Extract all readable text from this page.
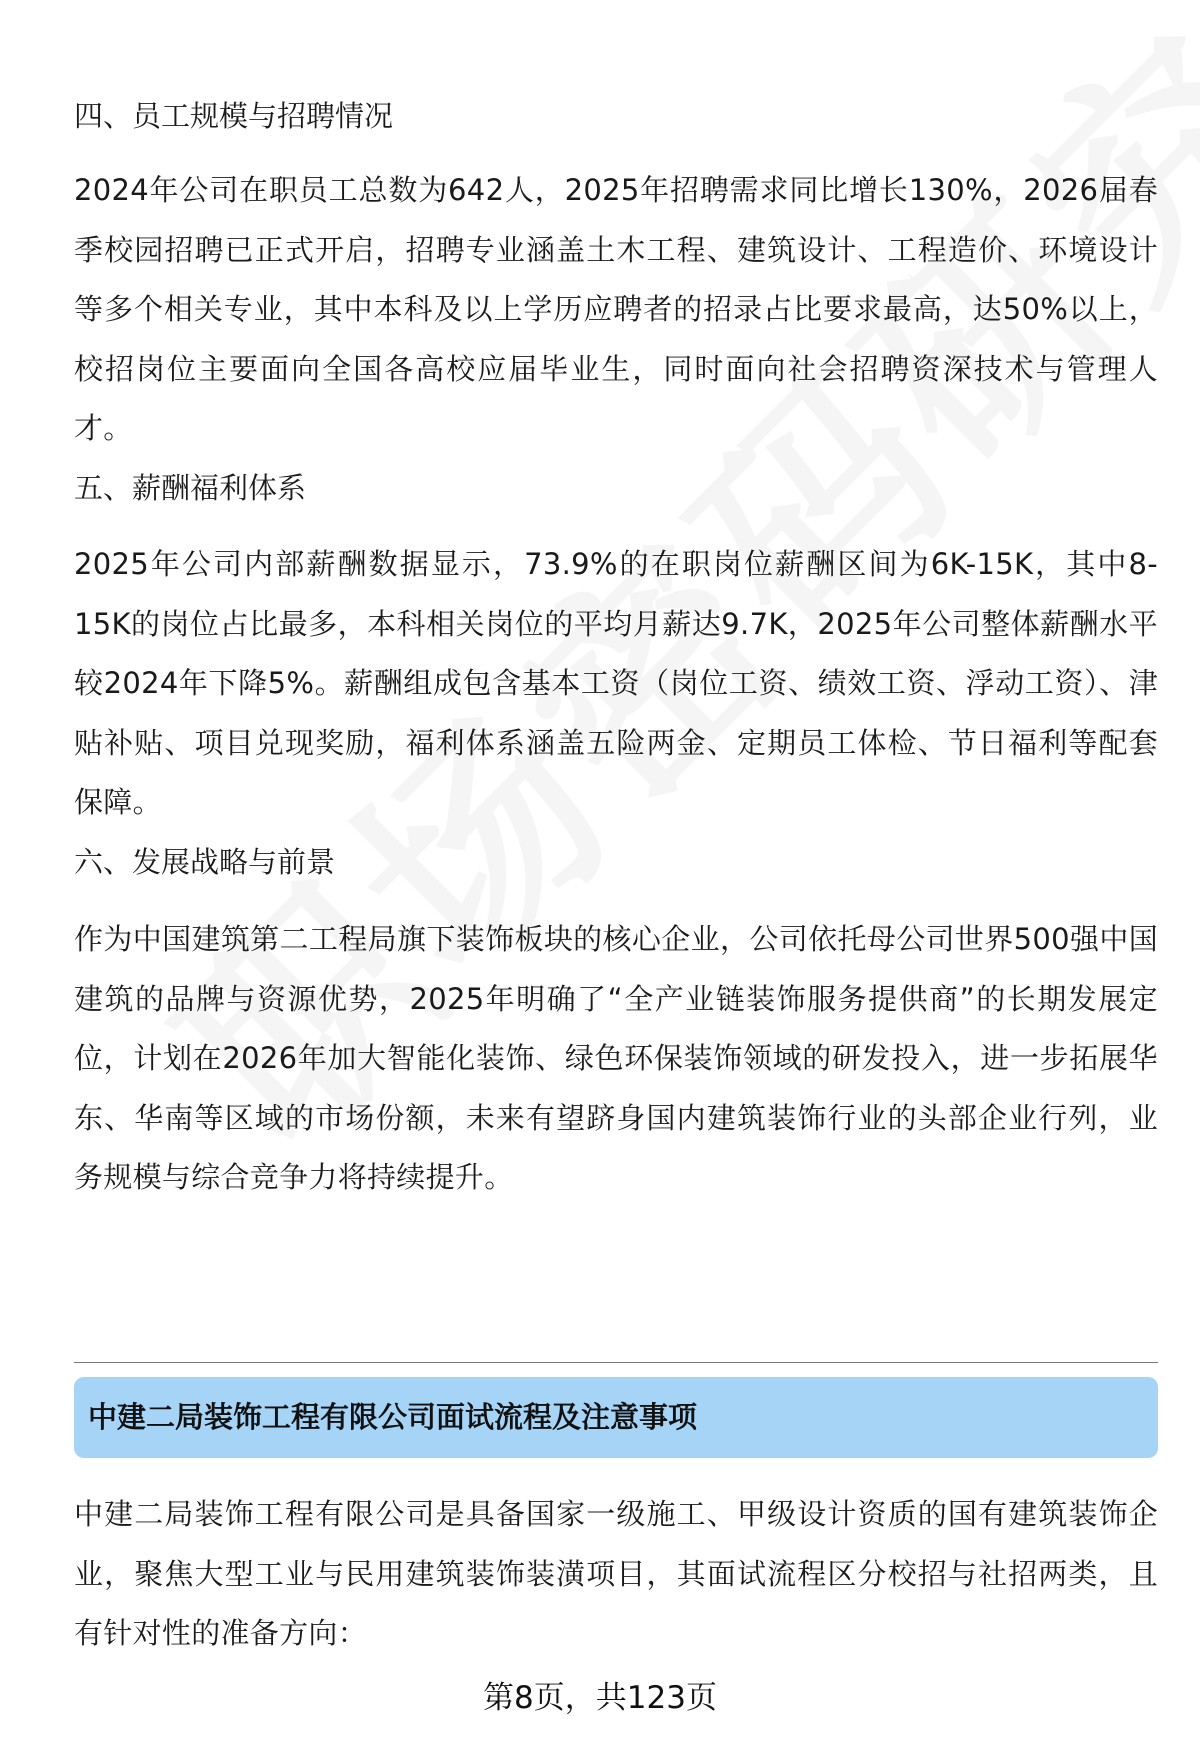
四、员工规模与招聘情况
2024年公司在职员工总数为642人，2025年招聘需求同比增长130%，2026届春季校园招聘已正式开启，招聘专业涵盖土木工程、建筑设计、工程造价、环境设计等多个相关专业，其中本科及以上学历应聘者的招录占比要求最高，达50%以上，校招岗位主要面向全国各高校应届毕业生，同时面向社会招聘资深技术与管理人才。
五、薪酬福利体系
2025年公司内部薪酬数据显示，73.9%的在职岗位薪酬区间为6K-15K，其中8-15K的岗位占比最多，本科相关岗位的平均月薪达9.7K，2025年公司整体薪酬水平较2024年下降5%。薪酬组成包含基本工资（岗位工资、绩效工资、浮动工资）、津贴补贴、项目兑现奖励，福利体系涵盖五险两金、定期员工体检、节日福利等配套保障。
六、发展战略与前景
作为中国建筑第二工程局旗下装饰板块的核心企业，公司依托母公司世界500强中国建筑的品牌与资源优势，2025年明确了“全产业链装饰服务提供商”的长期发展定位，计划在2026年加大智能化装饰、绿色环保装饰领域的研发投入，进一步拓展华东、华南等区域的市场份额，未来有望跻身国内建筑装饰行业的头部企业行列，业务规模与综合竞争力将持续提升。
中建二局装饰工程有限公司面试流程及注意事项
中建二局装饰工程有限公司是具备国家一级施工、甲级设计资质的国有建筑装饰企业，聚焦大型工业与民用建筑装饰装潢项目，其面试流程区分校招与社招两类，且有针对性的准备方向：
第8页，共123页
